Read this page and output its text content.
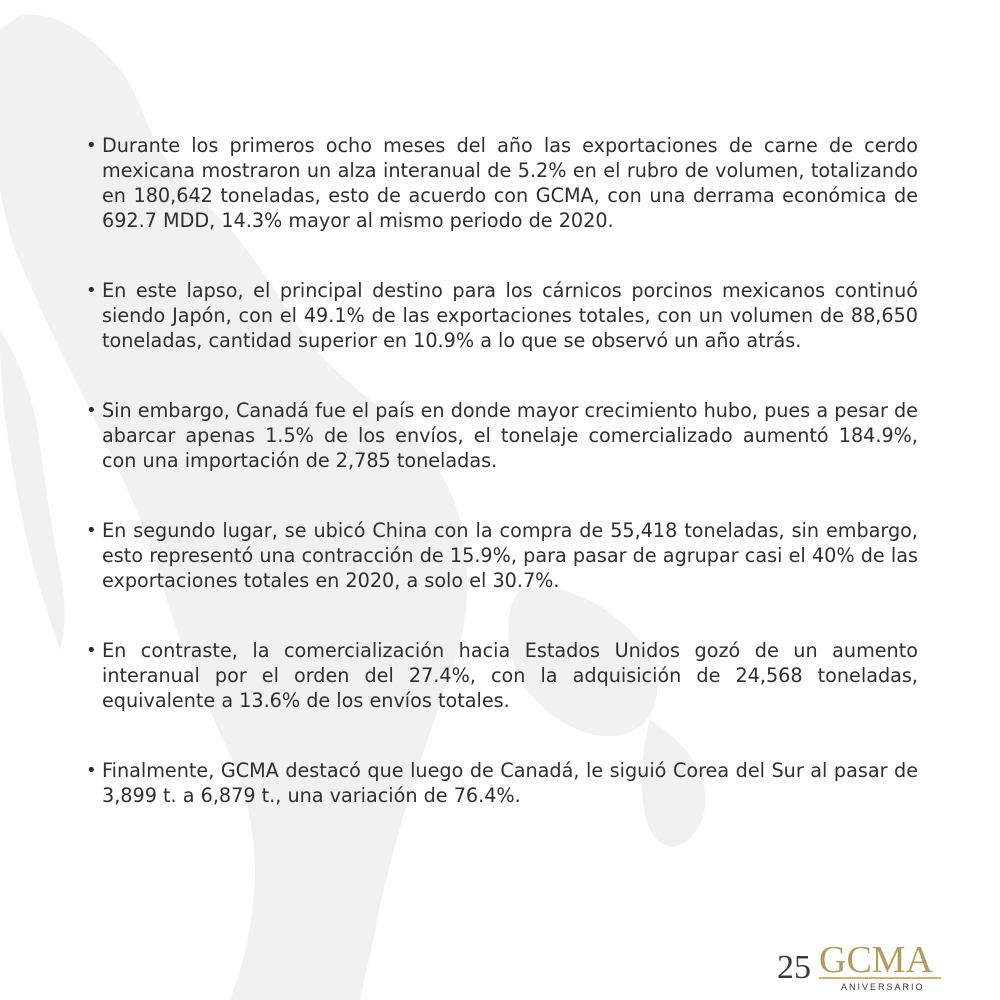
• Durante los primeros ocho meses del año las exportaciones de carne de cerdo mexicana mostraron un alza interanual de 5.2% en el rubro de volumen, totalizando en 180,642 toneladas, esto de acuerdo con GCMA, con una derrama económica de 692.7 MDD, 14.3% mayor al mismo periodo de 2020.
• En este lapso, el principal destino para los cárnicos porcinos mexicanos continuó siendo Japón, con el 49.1% de las exportaciones totales, con un volumen de 88,650 toneladas, cantidad superior en 10.9% a lo que se observó un año atrás.
• Sin embargo, Canadá fue el país en donde mayor crecimiento hubo, pues a pesar de abarcar apenas 1.5% de los envíos, el tonelaje comercializado aumentó 184.9%, con una importación de 2,785 toneladas.
• En segundo lugar, se ubicó China con la compra de 55,418 toneladas, sin embargo, esto representó una contracción de 15.9%, para pasar de agrupar casi el 40% de las exportaciones totales en 2020, a solo el 30.7%.
• En contraste, la comercialización hacia Estados Unidos gozó de un aumento interanual por el orden del 27.4%, con la adquisición de 24,568 toneladas, equivalente a 13.6% de los envíos totales.
• Finalmente, GCMA destacó que luego de Canadá, le siguió Corea del Sur al pasar de 3,899 t. a 6,879 t., una variación de 76.4%.
25 GCMA
ANIVERSARIO
